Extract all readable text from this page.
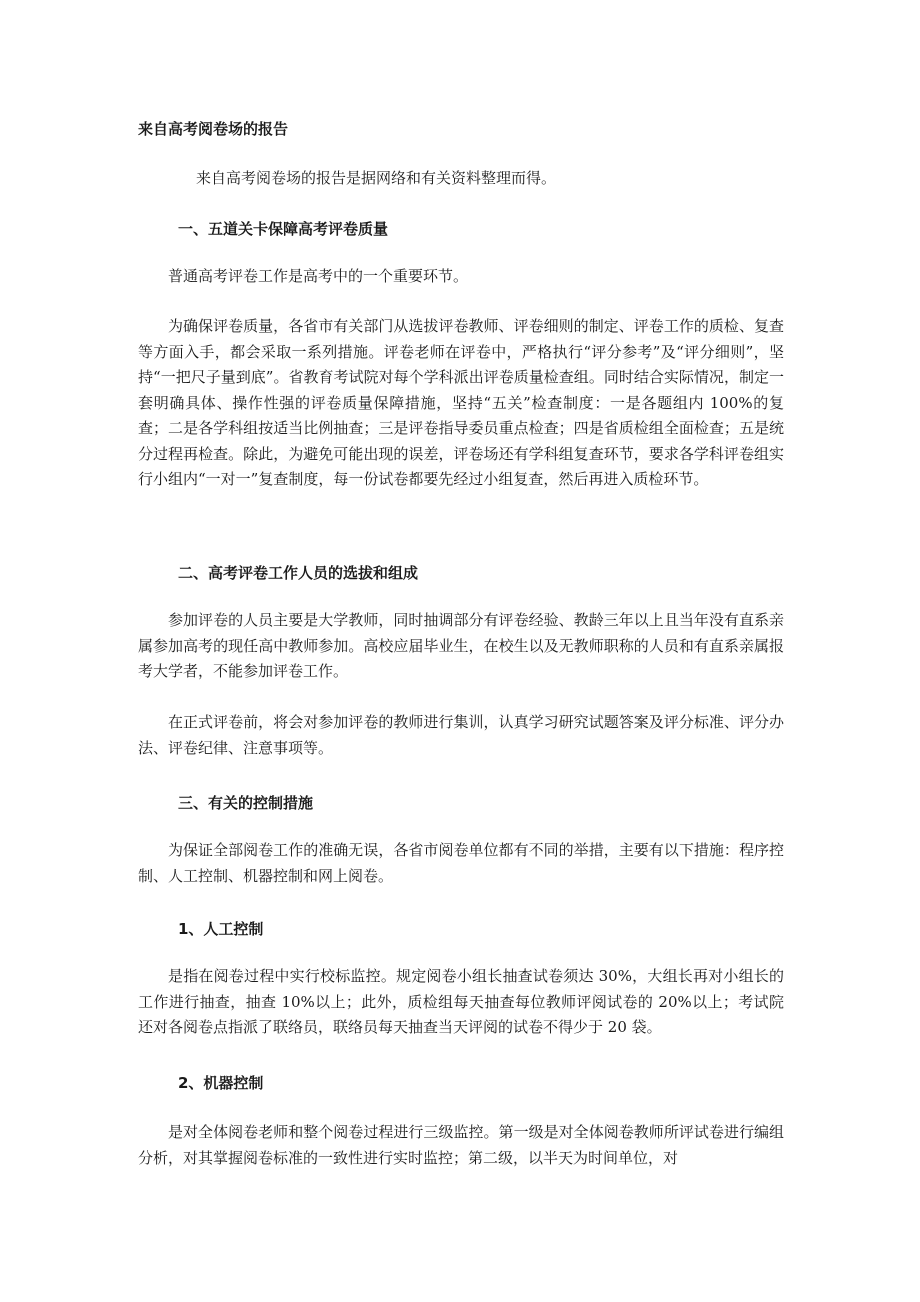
来自高考阅卷场的报告

来自高考阅卷场的报告是据网络和有关资料整理而得。

一、五道关卡保障高考评卷质量

普通高考评卷工作是高考中的一个重要环节。

为确保评卷质量，各省市有关部门从选拔评卷教师、评卷细则的制定、评卷工作的质检、复查等方面入手，都会采取一系列措施。评卷老师在评卷中，严格执行“评分参考”及“评分细则”，坚持“一把尺子量到底”。省教育考试院对每个学科派出评卷质量检查组。同时结合实际情况，制定一套明确具体、操作性强的评卷质量保障措施，坚持“五关”检查制度：一是各题组内 100%的复查；二是各学科组按适当比例抽查；三是评卷指导委员重点检查；四是省质检组全面检查；五是统分过程再检查。除此，为避免可能出现的误差，评卷场还有学科组复查环节，要求各学科评卷组实行小组内“一对一”复查制度，每一份试卷都要先经过小组复查，然后再进入质检环节。

二、高考评卷工作人员的选拔和组成

参加评卷的人员主要是大学教师，同时抽调部分有评卷经验、教龄三年以上且当年没有直系亲属参加高考的现任高中教师参加。高校应届毕业生，在校生以及无教师职称的人员和有直系亲属报考大学者，不能参加评卷工作。

在正式评卷前，将会对参加评卷的教师进行集训，认真学习研究试题答案及评分标准、评分办法、评卷纪律、注意事项等。

三、有关的控制措施

为保证全部阅卷工作的准确无误，各省市阅卷单位都有不同的举措，主要有以下措施：程序控制、人工控制、机器控制和网上阅卷。

1、人工控制

是指在阅卷过程中实行校标监控。规定阅卷小组长抽查试卷须达 30%，大组长再对小组长的工作进行抽查，抽查 10%以上；此外，质检组每天抽查每位教师评阅试卷的 20%以上；考试院还对各阅卷点指派了联络员，联络员每天抽查当天评阅的试卷不得少于 20 袋。

2、机器控制

是对全体阅卷老师和整个阅卷过程进行三级监控。第一级是对全体阅卷教师所评试卷进行编组分析，对其掌握阅卷标准的一致性进行实时监控；第二级，以半天为时间单位，对
